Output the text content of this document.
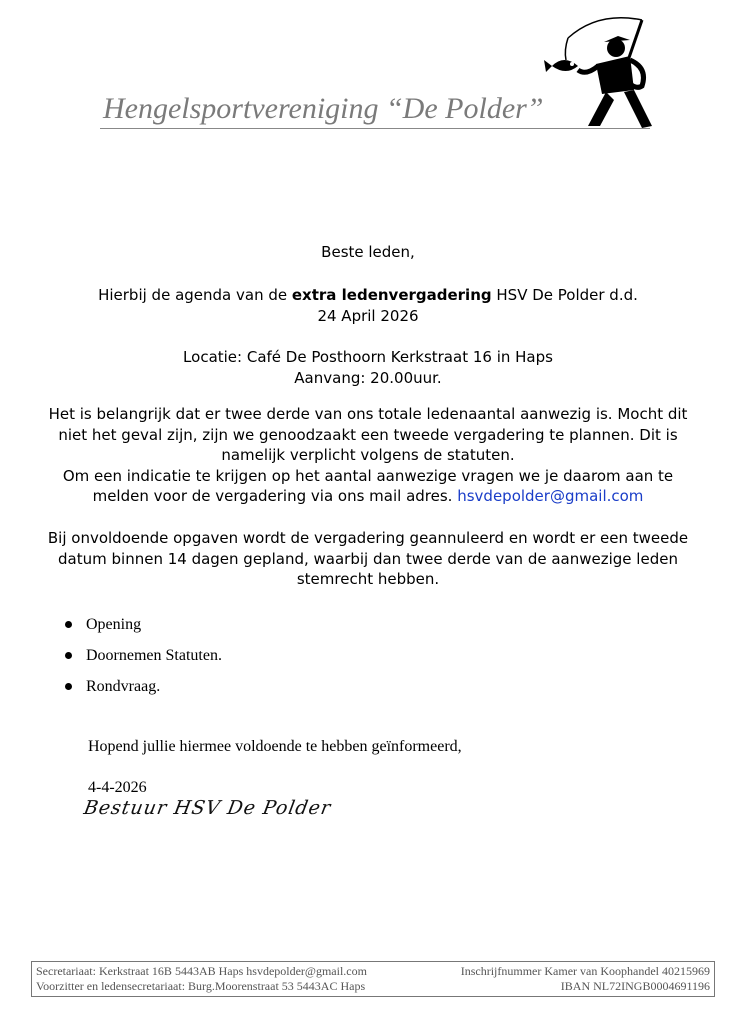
Hengelsportvereniging “De Polder”
Beste leden,
Hierbij de agenda van de extra ledenvergadering HSV De Polder d.d.
24 April 2026
Locatie: Café De Posthoorn Kerkstraat 16 in Haps
Aanvang: 20.00uur.
Het is belangrijk dat er twee derde van ons totale ledenaantal aanwezig is. Mocht dit
niet het geval zijn, zijn we genoodzaakt een tweede vergadering te plannen. Dit is
namelijk verplicht volgens de statuten.
Om een indicatie te krijgen op het aantal aanwezige vragen we je daarom aan te
melden voor de vergadering via ons mail adres. hsvdepolder@gmail.com
Bij onvoldoende opgaven wordt de vergadering geannuleerd en wordt er een tweede
datum binnen 14 dagen gepland, waarbij dan twee derde van de aanwezige leden
stemrecht hebben.
Opening
Doornemen Statuten.
Rondvraag.
Hopend jullie hiermee voldoende te hebben geïnformeerd,
4-4-2026
Bestuur HSV De Polder
Secretariaat: Kerkstraat 16B 5443AB Haps hsvdepolder@gmail.com	Inschrijfnummer Kamer van Koophandel 40215969
Voorzitter en ledensecretariaat: Burg.Moorenstraat 53 5443AC Haps	IBAN NL72INGB0004691196
